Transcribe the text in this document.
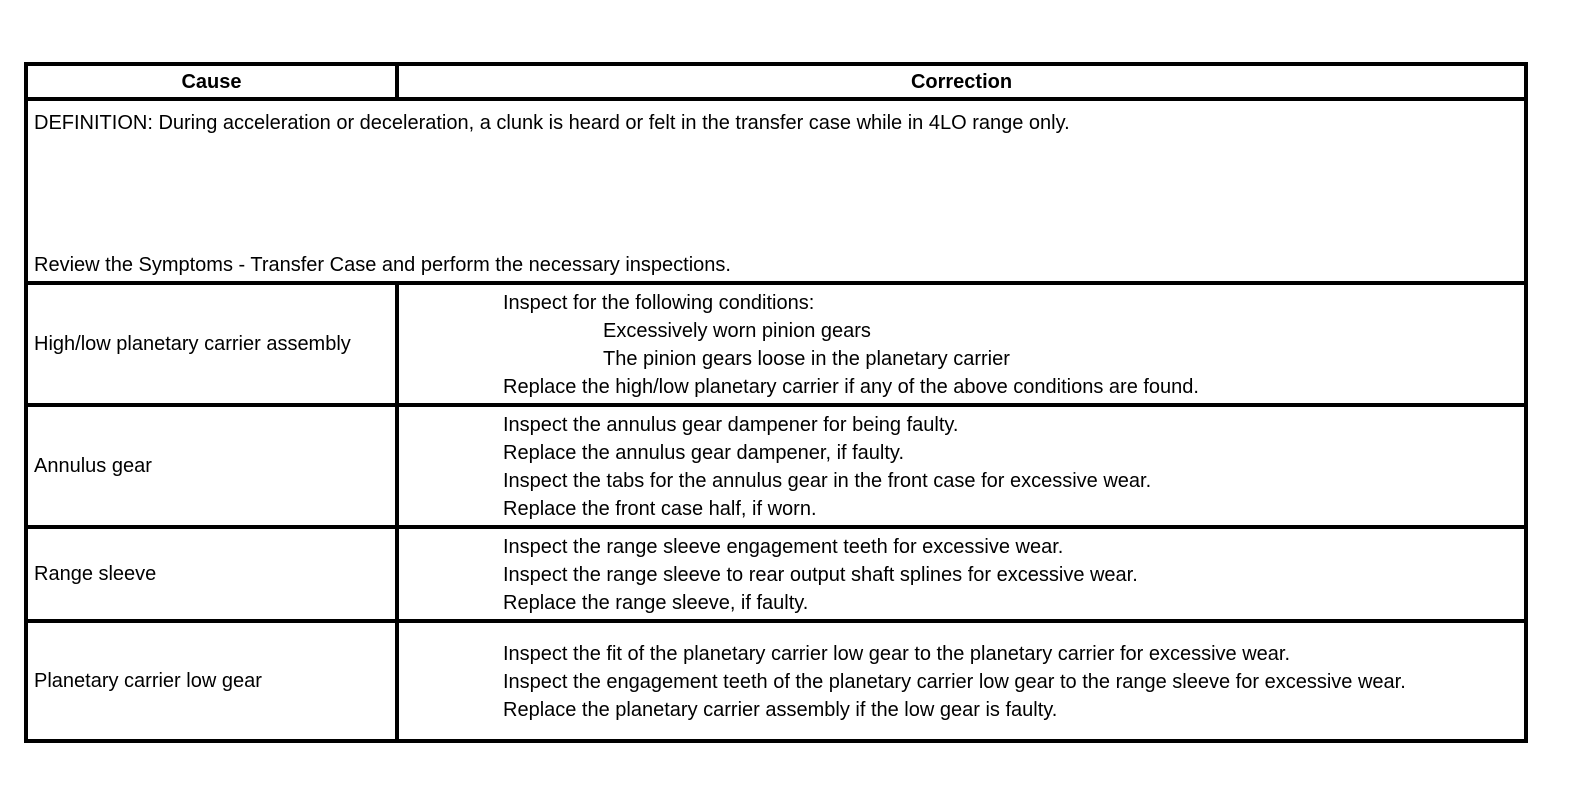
Cause	Correction

DEFINITION: During acceleration or deceleration, a clunk is heard or felt in the transfer case while in 4LO range only.
Review the Symptoms - Transfer Case and perform the necessary inspections.	

High/low planetary carrier assembly	Inspect for the following conditions:
Excessively worn pinion gears
The pinion gears loose in the planetary carrier
Replace the high/low planetary carrier if any of the above conditions are found.

Annulus gear	Inspect the annulus gear dampener for being faulty.
Replace the annulus gear dampener, if faulty.
Inspect the tabs for the annulus gear in the front case for excessive wear.
Replace the front case half, if worn.

Range sleeve	Inspect the range sleeve engagement teeth for excessive wear.
Inspect the range sleeve to rear output shaft splines for excessive wear.
Replace the range sleeve, if faulty.

Planetary carrier low gear	Inspect the fit of the planetary carrier low gear to the planetary carrier for excessive wear.
Inspect the engagement teeth of the planetary carrier low gear to the range sleeve for excessive wear.
Replace the planetary carrier assembly if the low gear is faulty.
